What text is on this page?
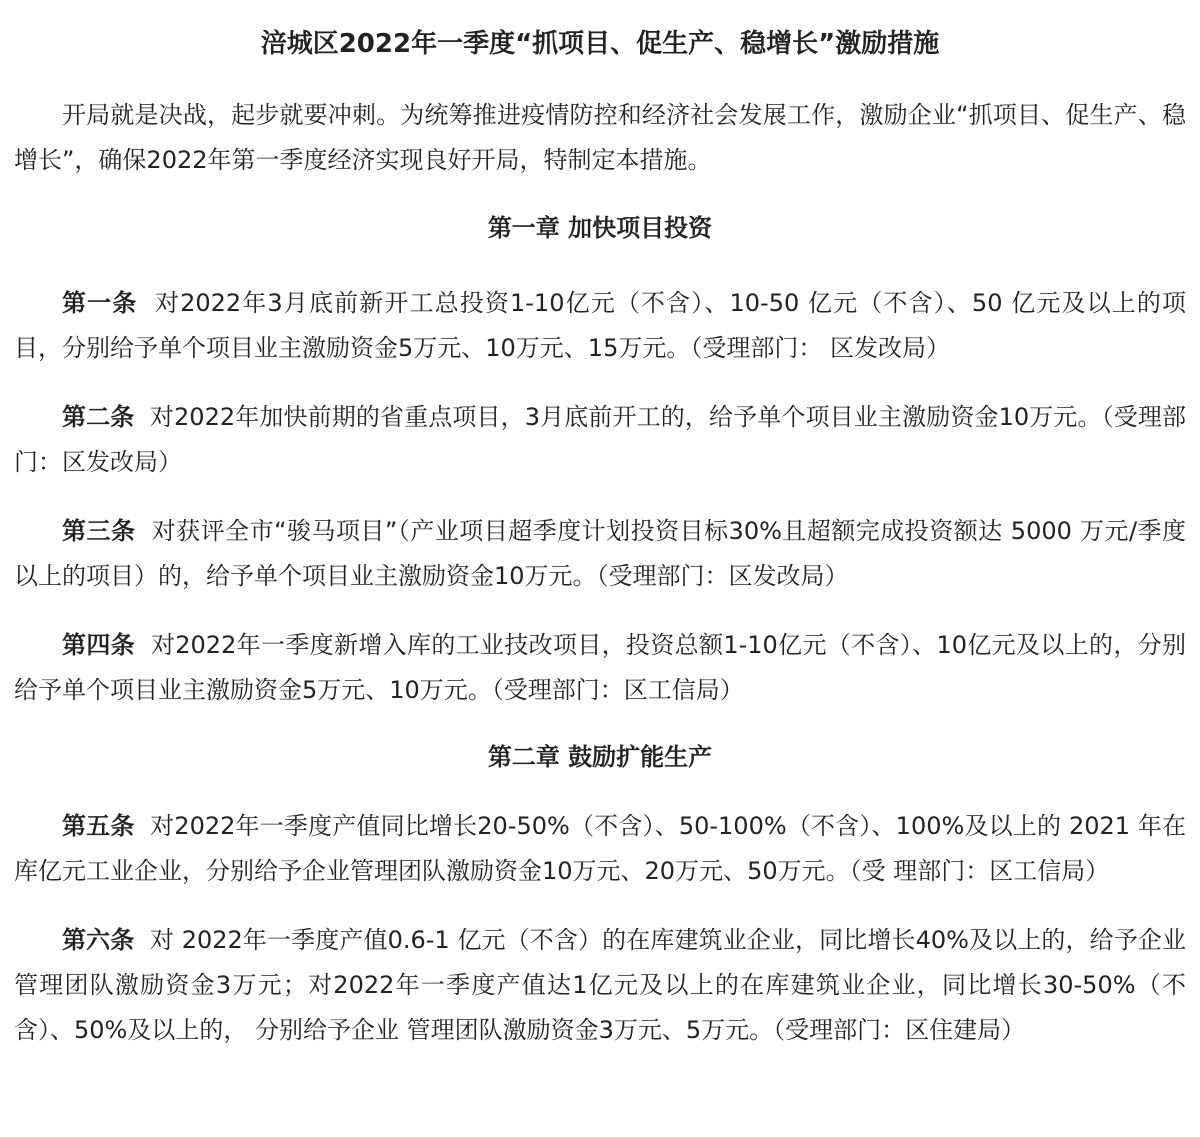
涪城区2022年一季度“抓项目、促生产、稳增长”激励措施

开局就是决战，起步就要冲刺。为统筹推进疫情防控和经济社会发展工作，激励企业“抓项目、促生产、稳增长”，确保2022年第一季度经济实现良好开局，特制定本措施。

第一章 加快项目投资

第一条 对2022年3月底前新开工总投资1-10亿元（不含）、10-50 亿元（不含）、50 亿元及以上的项目，分别给予单个项目业主激励资金5万元、10万元、15万元。（受理部门： 区发改局）

第二条 对2022年加快前期的省重点项目，3月底前开工的，给予单个项目业主激励资金10万元。（受理部门：区发改局）

第三条 对获评全市“骏马项目”（产业项目超季度计划投资目标30%且超额完成投资额达 5000 万元/季度以上的项目）的，给予单个项目业主激励资金10万元。（受理部门：区发改局）

第四条 对2022年一季度新增入库的工业技改项目，投资总额1-10亿元（不含）、10亿元及以上的，分别给予单个项目业主激励资金5万元、10万元。（受理部门：区工信局）

第二章 鼓励扩能生产

第五条 对2022年一季度产值同比增长20-50%（不含）、50-100%（不含）、100%及以上的 2021 年在库亿元工业企业，分别给予企业管理团队激励资金10万元、20万元、50万元。（受 理部门：区工信局）

第六条 对 2022年一季度产值0.6-1 亿元（不含）的在库建筑业企业，同比增长40%及以上的，给予企业管理团队激励资金3万元；对2022年一季度产值达1亿元及以上的在库建筑业企业，同比增长30-50%（不含）、50%及以上的， 分别给予企业 管理团队激励资金3万元、5万元。（受理部门：区住建局）
